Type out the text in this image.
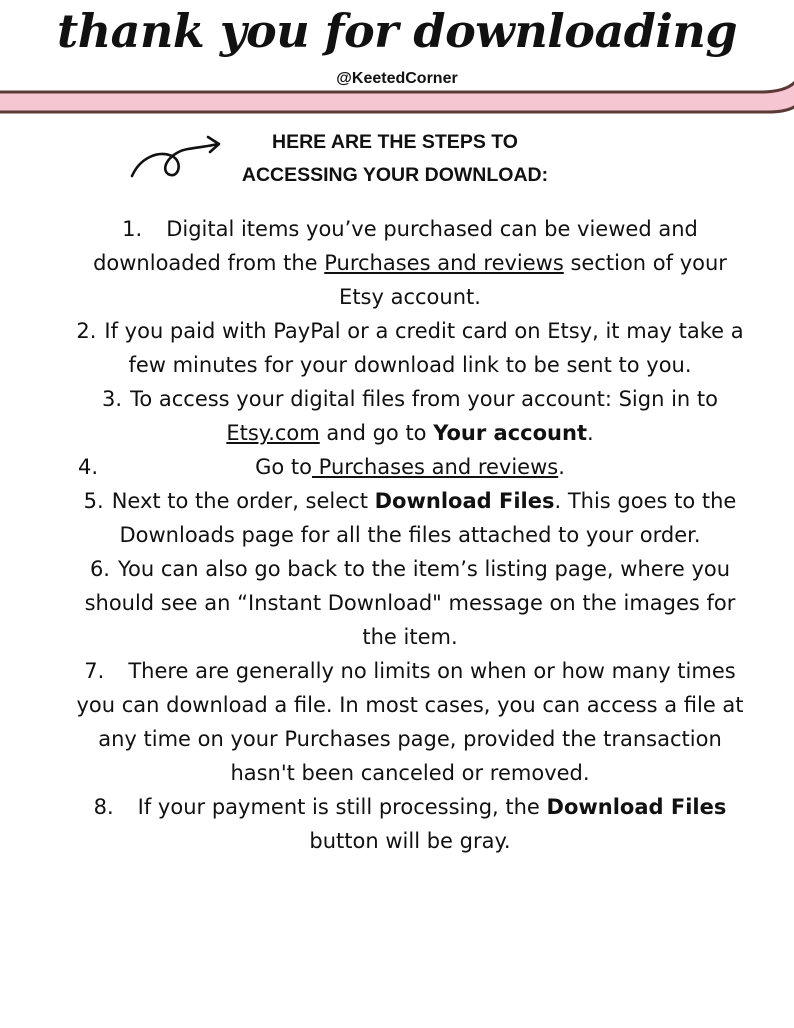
thank you for downloading
@KeetedCorner
HERE ARE THE STEPS TO
ACCESSING YOUR DOWNLOAD:
1. Digital items you’ve purchased can be viewed and downloaded from the Purchases and reviews section of your Etsy account.
2. If you paid with PayPal or a credit card on Etsy, it may take a few minutes for your download link to be sent to you.
3. To access your digital files from your account: Sign in to Etsy.com and go to Your account.
4.	Go to Purchases and reviews.
5. Next to the order, select Download Files. This goes to the Downloads page for all the files attached to your order.
6. You can also go back to the item’s listing page, where you should see an “Instant Download" message on the images for the item.
7. There are generally no limits on when or how many times you can download a file. In most cases, you can access a file at any time on your Purchases page, provided the transaction hasn't been canceled or removed.
8. If your payment is still processing, the Download Files button will be gray.
